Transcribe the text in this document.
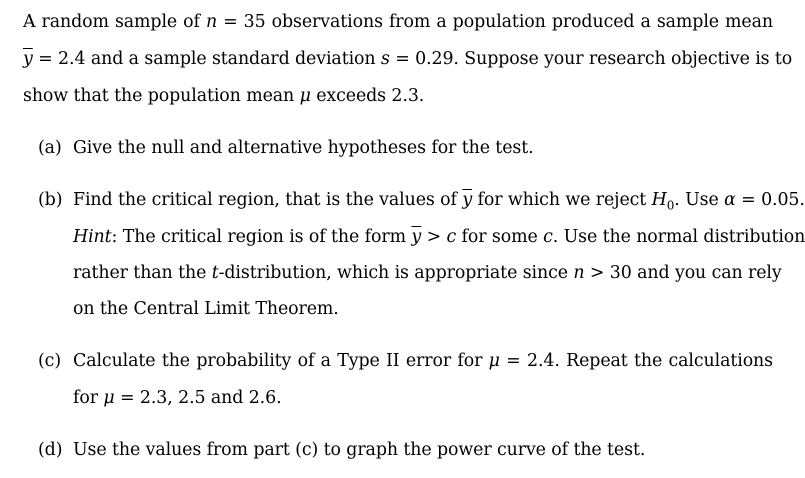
A random sample of n = 35 observations from a population produced a sample mean
$\overline{y} = 2.4$ and a sample standard deviation s = 0.29. Suppose your research objective is to
show that the population mean μ exceeds 2.3.
(a) Give the null and alternative hypotheses for the test.
(b) Find the critical region, that is the values of $\overline{y}$ for which we reject $H_0$. Use α = 0.05.
Hint: The critical region is of the form $\overline{y} > c$ for some c. Use the normal distribution
rather than the t-distribution, which is appropriate since n > 30 and you can rely
on the Central Limit Theorem.
(c) Calculate the probability of a Type II error for μ = 2.4. Repeat the calculations
for μ = 2.3, 2.5 and 2.6.
(d) Use the values from part (c) to graph the power curve of the test.
